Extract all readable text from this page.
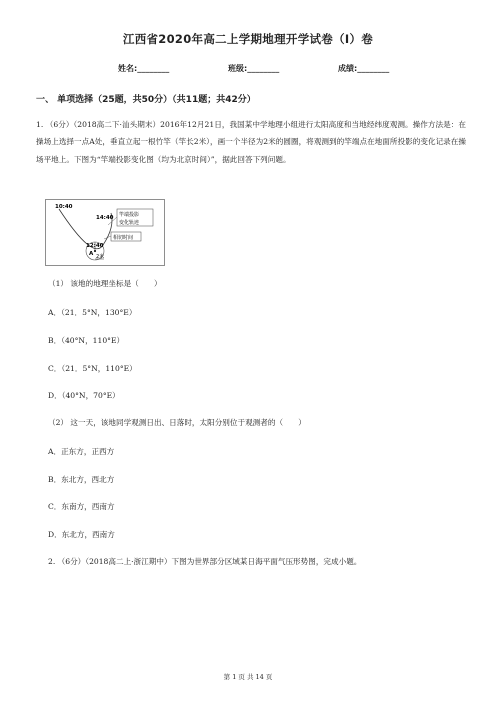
江西省2020年高二上学期地理开学试卷（I）卷
姓名:________	班级:________	成绩:________
一、 单项选择（25题，共50分）（共11题；共42分）
1. （6分）（2018高二下·汕头期末）2016年12月21日，我国某中学地理小组进行太阳高度和当地经纬度观测。操作方法是：在操场上选择一点A处，垂直立起一根竹竿（竿长2米），画一个半径为2米的圆圈，将观测到的竿端点在地面所投影的变化记录在操场平地上。下图为“竿端投影变化图（均为北京时间）”，据此回答下列问题。
10:40
14:40
12:40
A 2米
竿端投影
变化轨迹
相切时间
（1） 该地的地理坐标是（　　）
A．（21．5°N，130°E）
B．（40°N，110°E）
C．（21．5°N，110°E）
D．（40°N，70°E）
（2） 这一天，该地同学观测日出、日落时，太阳分别位于观测者的（　　）
A．正东方，正西方
B．东北方，西北方
C．东南方，西南方
D．东北方，西南方
2. （6分）（2018高二上·浙江期中）下图为世界部分区域某日海平面气压形势图，完成小题。
第 1 页 共 14 页
